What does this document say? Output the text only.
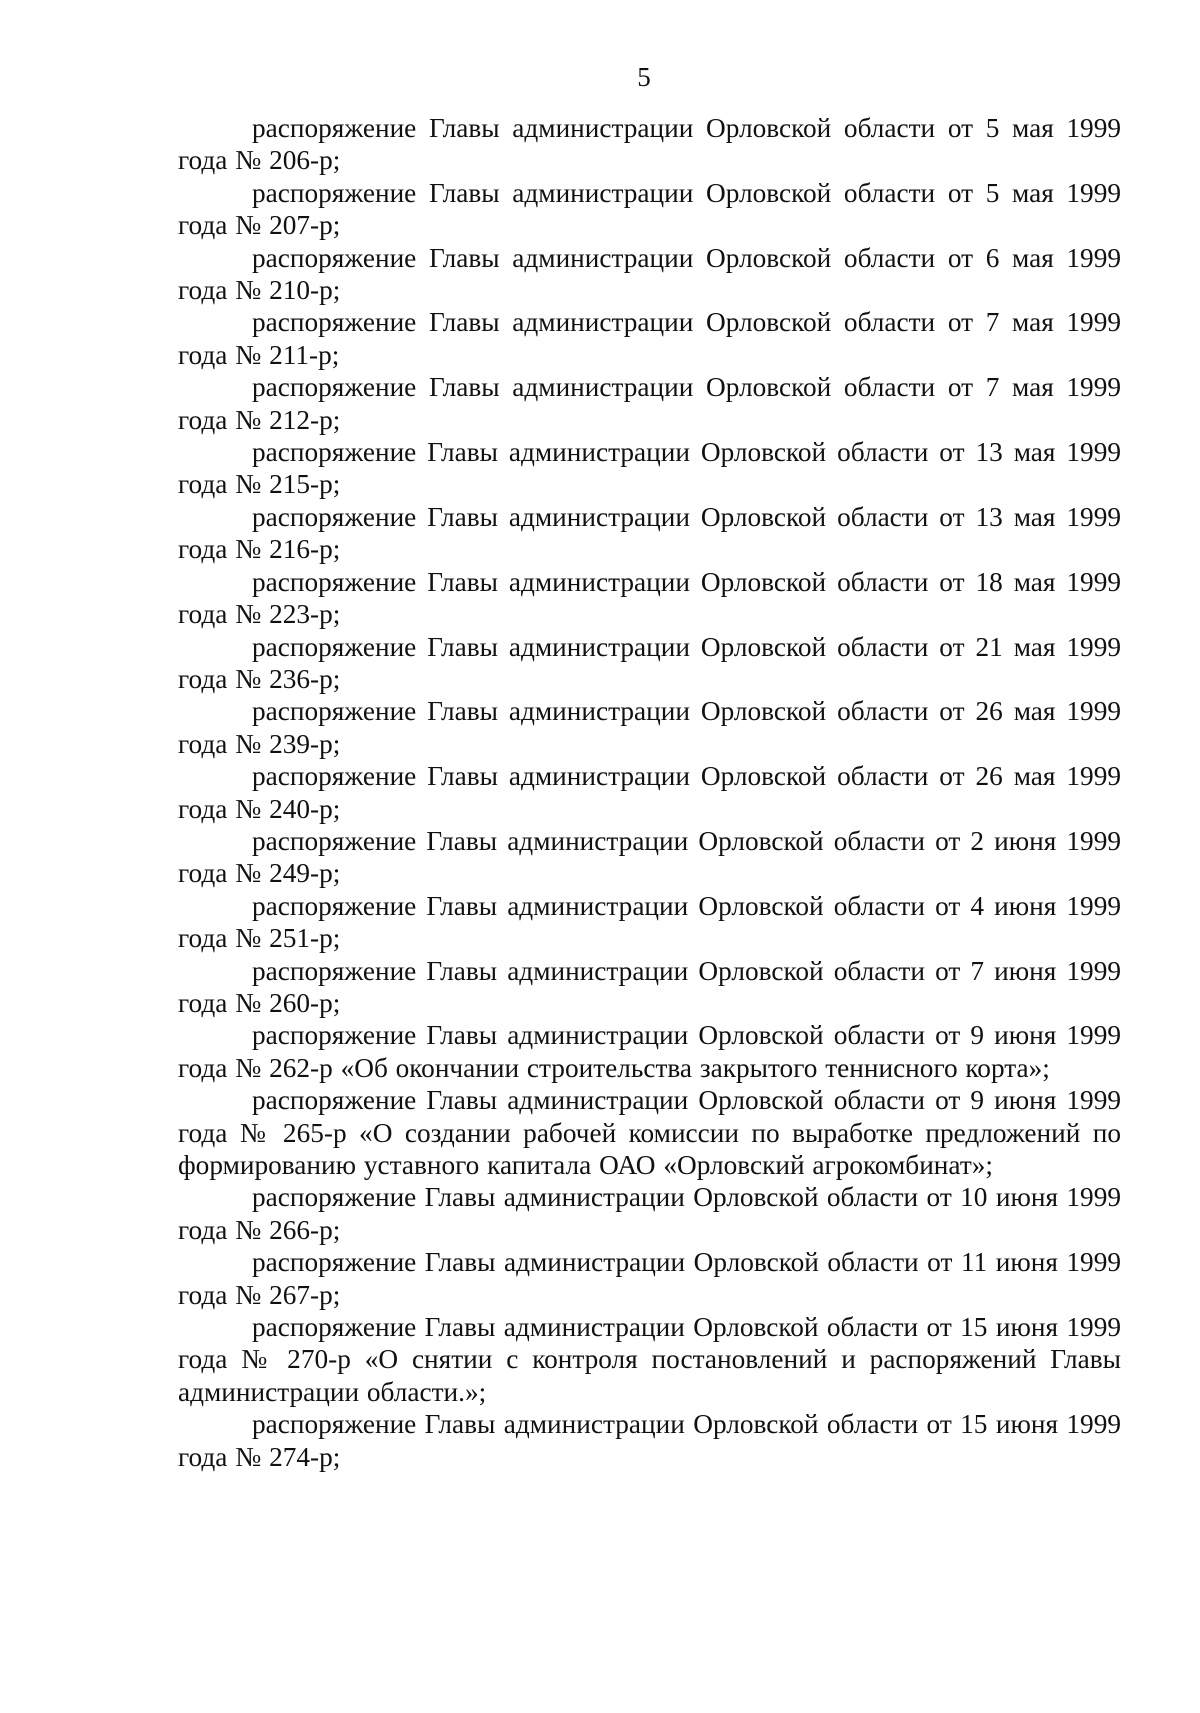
5

распоряжение Главы администрации Орловской области от 5 мая 1999 года № 206-р;

распоряжение Главы администрации Орловской области от 5 мая 1999 года № 207-р;

распоряжение Главы администрации Орловской области от 6 мая 1999 года № 210-р;

распоряжение Главы администрации Орловской области от 7 мая 1999 года № 211-р;

распоряжение Главы администрации Орловской области от 7 мая 1999 года № 212-р;

распоряжение Главы администрации Орловской области от 13 мая 1999 года № 215-р;

распоряжение Главы администрации Орловской области от 13 мая 1999 года № 216-р;

распоряжение Главы администрации Орловской области от 18 мая 1999 года № 223-р;

распоряжение Главы администрации Орловской области от 21 мая 1999 года № 236-р;

распоряжение Главы администрации Орловской области от 26 мая 1999 года № 239-р;

распоряжение Главы администрации Орловской области от 26 мая 1999 года № 240-р;

распоряжение Главы администрации Орловской области от 2 июня 1999 года № 249-р;

распоряжение Главы администрации Орловской области от 4 июня 1999 года № 251-р;

распоряжение Главы администрации Орловской области от 7 июня 1999 года № 260-р;

распоряжение Главы администрации Орловской области от 9 июня 1999 года № 262-р «Об окончании строительства закрытого теннисного корта»;

распоряжение Главы администрации Орловской области от 9 июня 1999 года № 265-р «О создании рабочей комиссии по выработке предложений по формированию уставного капитала ОАО «Орловский агрокомбинат»;

распоряжение Главы администрации Орловской области от 10 июня 1999 года № 266-р;

распоряжение Главы администрации Орловской области от 11 июня 1999 года № 267-р;

распоряжение Главы администрации Орловской области от 15 июня 1999 года № 270-р «О снятии с контроля постановлений и распоряжений Главы администрации области.»;

распоряжение Главы администрации Орловской области от 15 июня 1999 года № 274-р;
